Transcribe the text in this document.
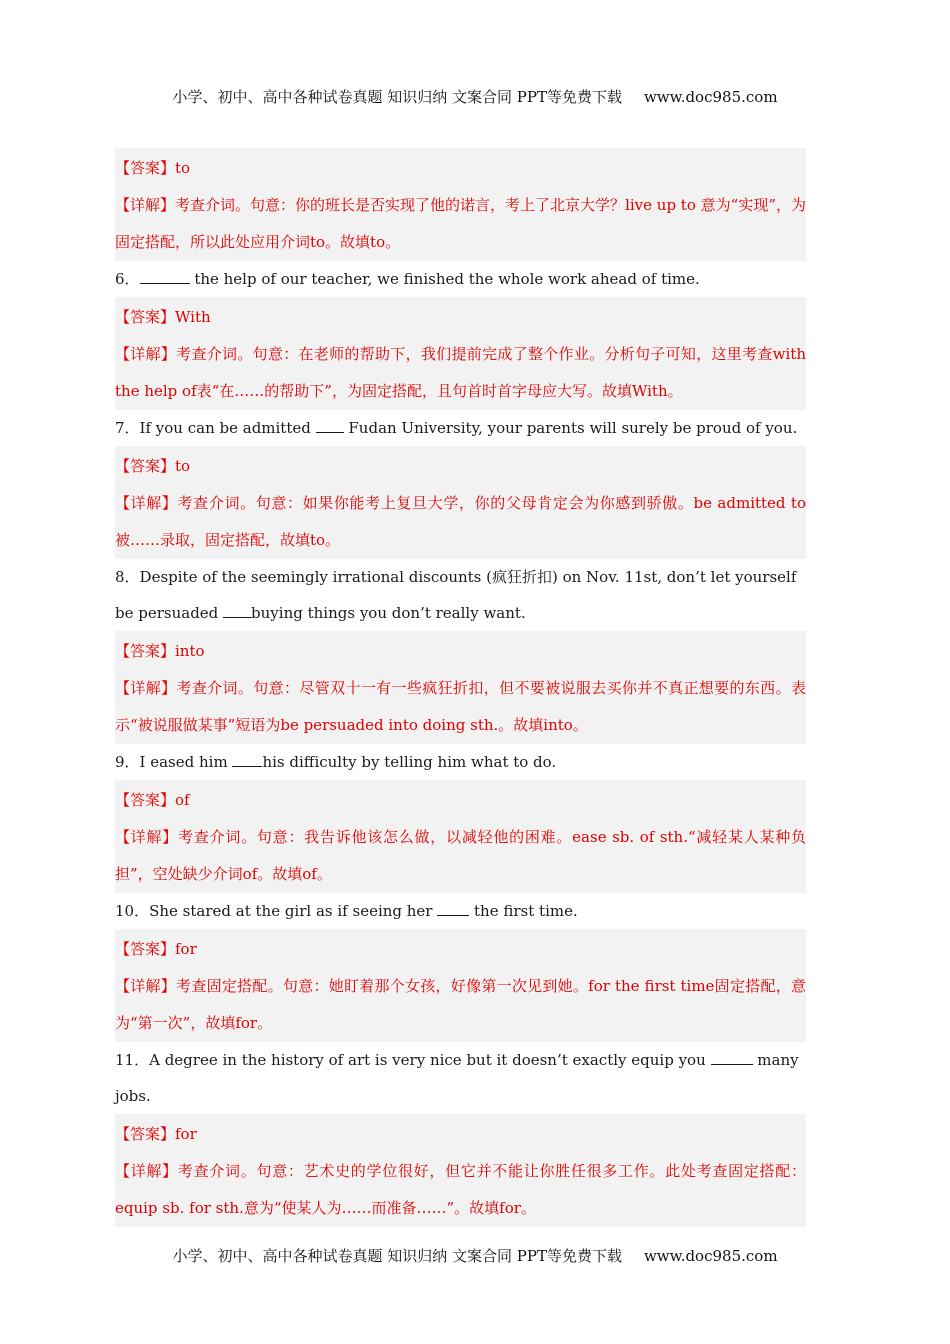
小学、初中、高中各种试卷真题 知识归纳 文案合同 PPT等免费下载 www.doc985.com

【答案】to

【详解】考查介词。句意：你的班长是否实现了他的诺言，考上了北京大学？live up to 意为“实现”，为固定搭配，所以此处应用介词to。故填to。

6．	the help of our teacher, we finished the whole work ahead of time.

【答案】With

【详解】考查介词。句意：在老师的帮助下，我们提前完成了整个作业。分析句子可知，这里考查with the help of表“在……的帮助下”，为固定搭配，且句首时首字母应大写。故填With。

7．If you can be admitted  Fudan University, your parents will surely be proud of you.

【答案】to

【详解】考查介词。句意：如果你能考上复旦大学，你的父母肯定会为你感到骄傲。be admitted to被……录取，固定搭配，故填to。

8．Despite of the seemingly irrational discounts (疯狂折扣) on Nov. 11st, don’t let yourself be persuaded buying things you don’t really want.

【答案】into

【详解】考查介词。句意：尽管双十一有一些疯狂折扣，但不要被说服去买你并不真正想要的东西。表示“被说服做某事”短语为be persuaded into doing sth.。故填into。

9．I eased him his difficulty by telling him what to do.

【答案】of

【详解】考查介词。句意：我告诉他该怎么做，以减轻他的困难。ease sb. of sth.“减轻某人某种负担”，空处缺少介词of。故填of。

10．She stared at the girl as if seeing her  the first time.

【答案】for

【详解】考查固定搭配。句意：她盯着那个女孩，好像第一次见到她。for the first time固定搭配，意为“第一次”，故填for。

11．A degree in the history of art is very nice but it doesn’t exactly equip you	many jobs.

【答案】for

【详解】考查介词。句意：艺术史的学位很好，但它并不能让你胜任很多工作。此处考查固定搭配：equip sb. for sth.意为“使某人为……而准备……”。故填for。

小学、初中、高中各种试卷真题 知识归纳 文案合同 PPT等免费下载 www.doc985.com
